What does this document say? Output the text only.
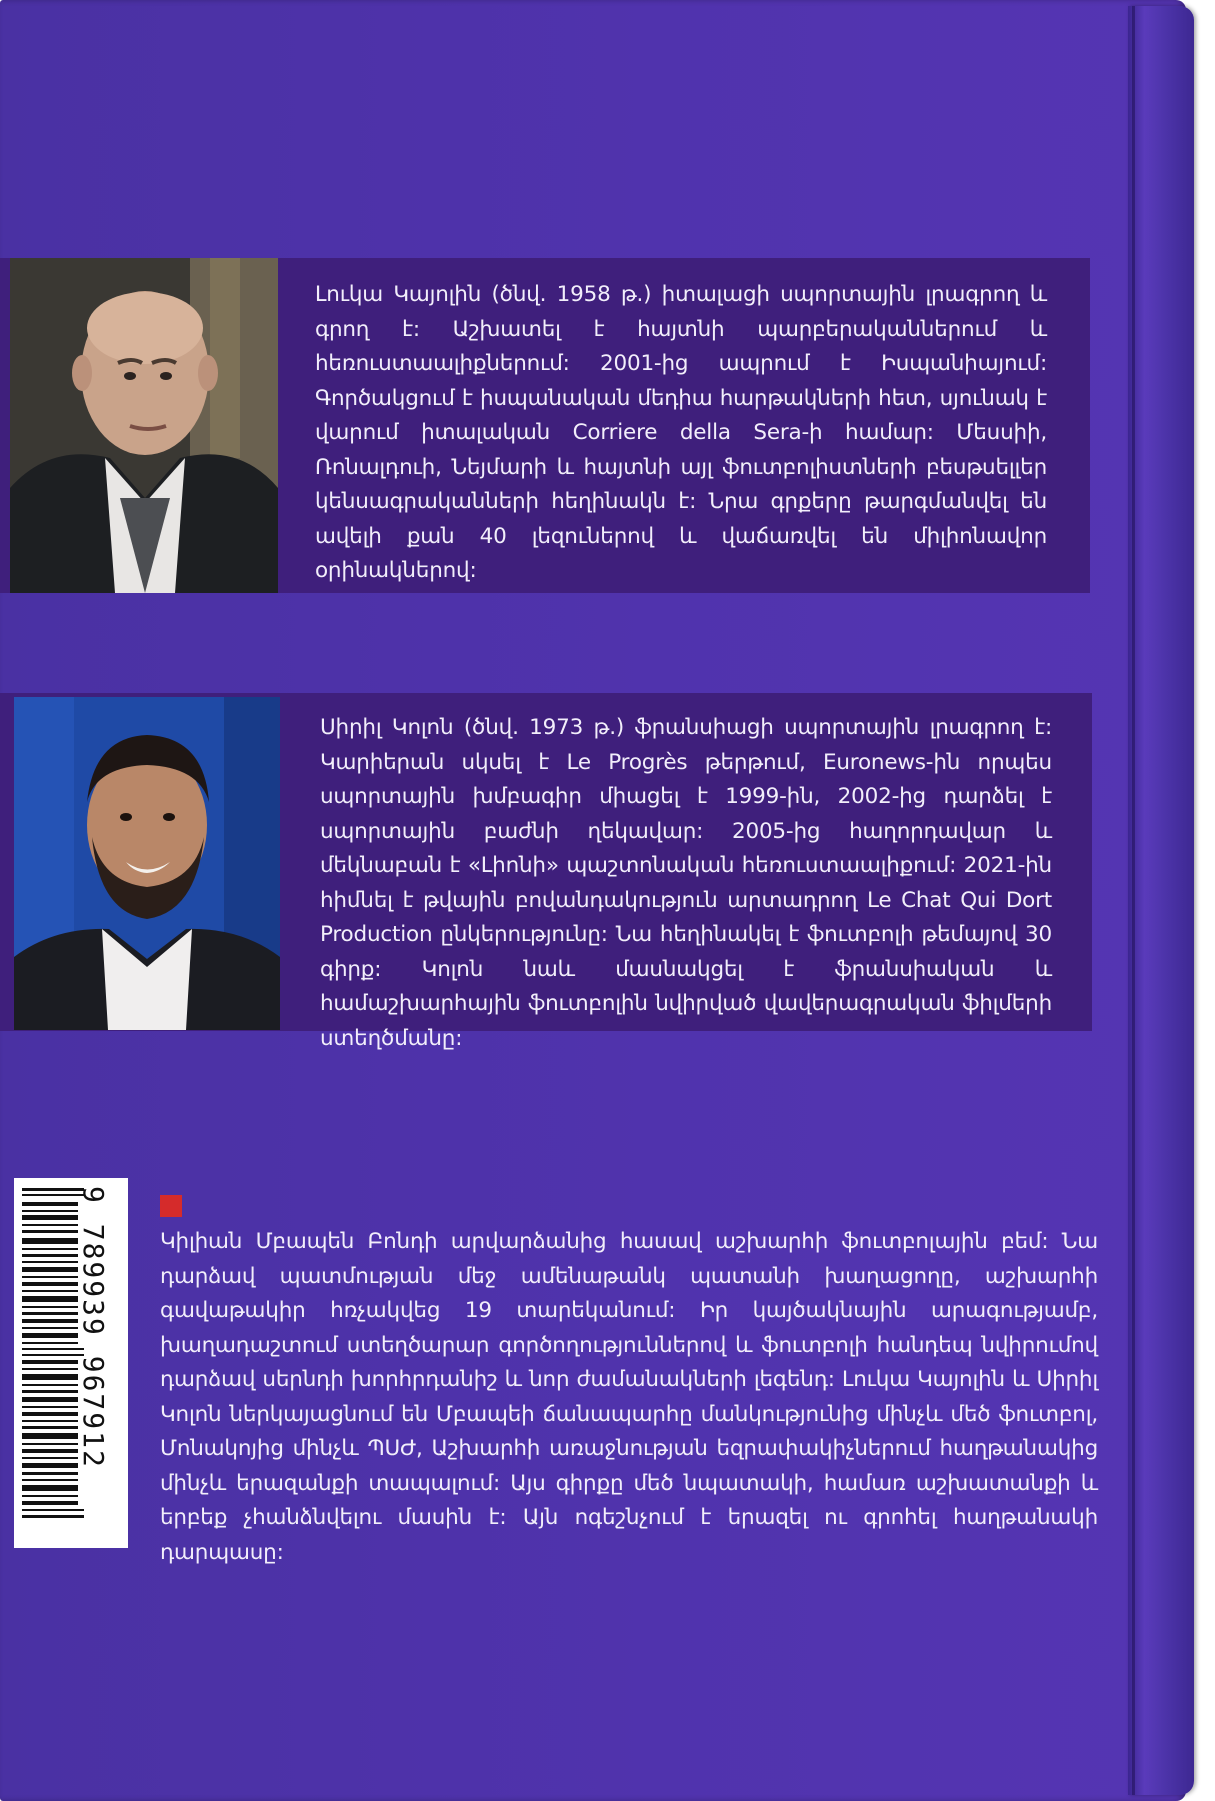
Լուկա Կայոլին (ծնվ. 1958 թ.) իտալացի սպորտային լրագրող և գրող է: Աշխատել է հայտնի պարբերականներում և հեռուստաալիքներում: 2001-ից ապրում է Իսպանիայում: Գործակցում է իսպանական մեդիա հարթակների հետ, սյունակ է վարում իտալական Corriere della Sera-ի համար: Մեսսիի, Ռոնալդուի, Նեյմարի և հայտնի այլ ֆուտբոլիստների բեսթսելլեր կենսագրականների հեղինակն է: Նրա գրքերը թարգմանվել են ավելի քան 40 լեզուներով և վաճառվել են միլիոնավոր օրինակներով:

Սիրիլ Կոլոն (ծնվ. 1973 թ.) ֆրանսիացի սպորտային լրագրող է: Կարիերան սկսել է Le Progrès թերթում, Euronews-ին որպես սպորտային խմբագիր միացել է 1999-ին, 2002-ից դարձել է սպորտային բաժնի ղեկավար: 2005-ից հաղորդավար և մեկնաբան է «Լիոնի» պաշտոնական հեռուստաալիքում: 2021-ին հիմնել է թվային բովանդակություն արտադրող Le Chat Qui Dort Production ընկերությունը: Նա հեղինակել է ֆուտբոլի թեմայով 30 գիրք: Կոլոն նաև մասնակցել է ֆրանսիական և համաշխարհային ֆուտբոլին նվիրված վավերագրական ֆիլմերի ստեղծմանը:

Կիլիան Մբապեն Բոնդի արվարձանից հասավ աշխարհի ֆուտբոլային բեմ: Նա դարձավ պատմության մեջ ամենաթանկ պատանի խաղացողը, աշխարհի գավաթակիր հռչակվեց 19 տարեկանում: Իր կայծակնային արագությամբ, խաղադաշտում ստեղծարար գործողություններով և ֆուտբոլի հանդեպ նվիրումով դարձավ սերնդի խորհրդանիշ և նոր ժամանակների լեգենդ: Լուկա Կայոլին և Սիրիլ Կոլոն ներկայացնում են Մբապեի ճանապարհը մանկությունից մինչև մեծ ֆուտբոլ, Մոնակոյից մինչև ՊՍԺ, Աշխարհի առաջնության եզրափակիչներում հաղթանակից մինչև երազանքի տապալում: Այս գիրքը մեծ նպատակի, համառ աշխատանքի և երբեք չհանձնվելու մասին է: Այն ոգեշնչում է երազել ու գրոհել հաղթանակի դարպասը:

9 789939 967912
